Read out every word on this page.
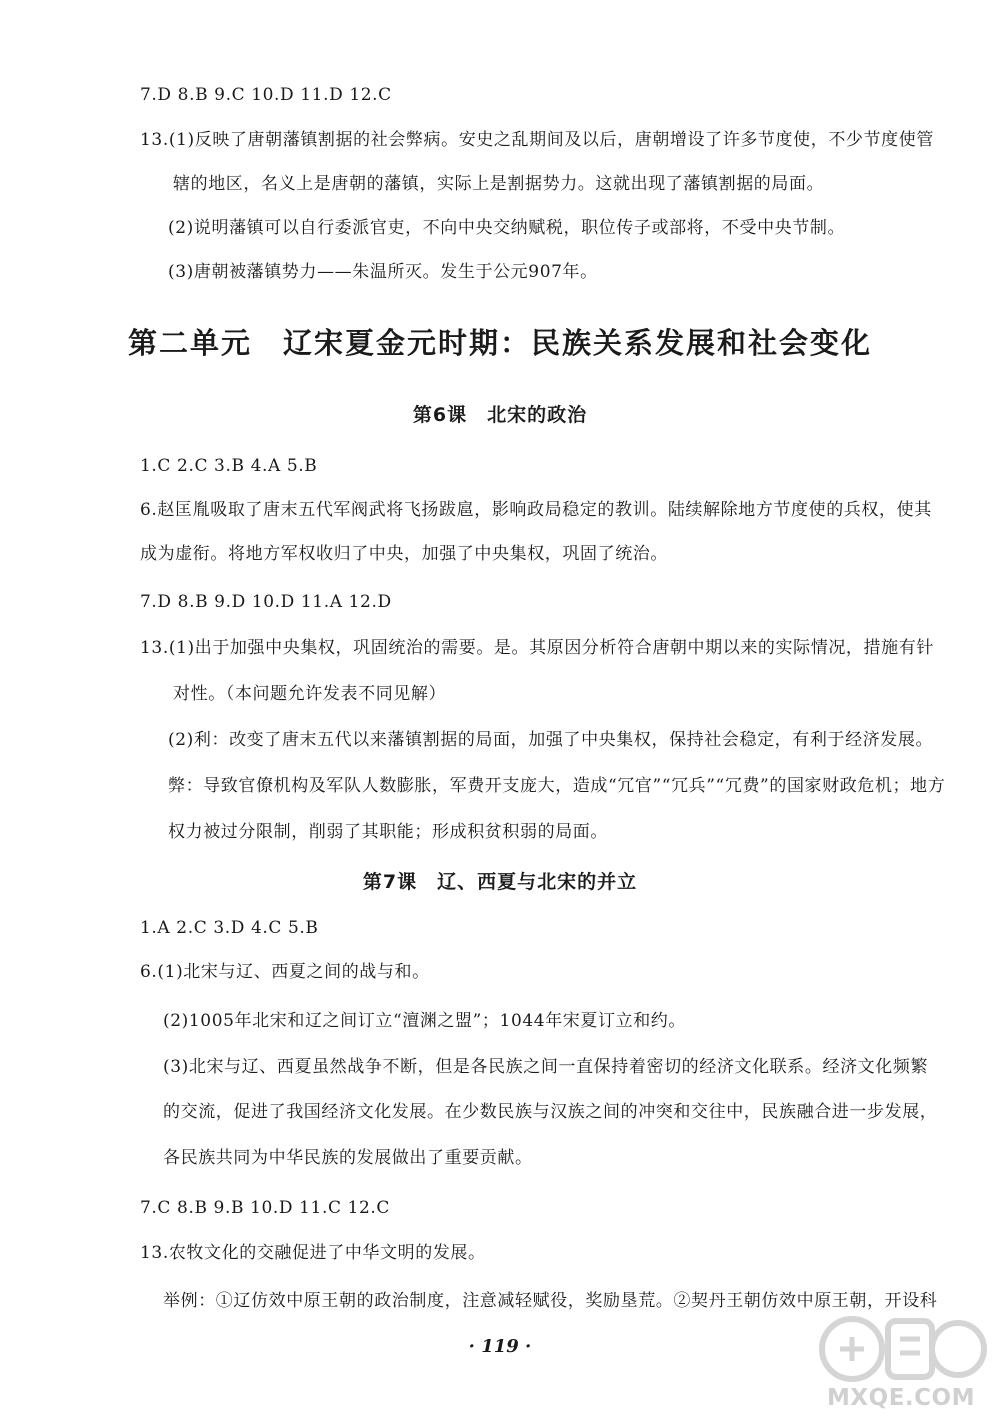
7.D 8.B 9.C 10.D 11.D 12.C
13.(1)反映了唐朝藩镇割据的社会弊病。安史之乱期间及以后，唐朝增设了许多节度使，不少节度使管
辖的地区，名义上是唐朝的藩镇，实际上是割据势力。这就出现了藩镇割据的局面。
(2)说明藩镇可以自行委派官吏，不向中央交纳赋税，职位传子或部将，不受中央节制。
(3)唐朝被藩镇势力——朱温所灭。发生于公元907年。
第二单元　辽宋夏金元时期：民族关系发展和社会变化
第6课　北宋的政治
1.C 2.C 3.B 4.A 5.B
6.赵匡胤吸取了唐末五代军阀武将飞扬跋扈，影响政局稳定的教训。陆续解除地方节度使的兵权，使其
成为虚衔。将地方军权收归了中央，加强了中央集权，巩固了统治。
7.D 8.B 9.D 10.D 11.A 12.D
13.(1)出于加强中央集权，巩固统治的需要。是。其原因分析符合唐朝中期以来的实际情况，措施有针
对性。（本问题允许发表不同见解）
(2)利：改变了唐末五代以来藩镇割据的局面，加强了中央集权，保持社会稳定，有利于经济发展。
弊：导致官僚机构及军队人数膨胀，军费开支庞大，造成“冗官”“冗兵”“冗费”的国家财政危机；地方
权力被过分限制，削弱了其职能；形成积贫积弱的局面。
第7课　辽、西夏与北宋的并立
1.A 2.C 3.D 4.C 5.B
6.(1)北宋与辽、西夏之间的战与和。
(2)1005年北宋和辽之间订立“澶渊之盟”；1044年宋夏订立和约。
(3)北宋与辽、西夏虽然战争不断，但是各民族之间一直保持着密切的经济文化联系。经济文化频繁
的交流，促进了我国经济文化发展。在少数民族与汉族之间的冲突和交往中，民族融合进一步发展，
各民族共同为中华民族的发展做出了重要贡献。
7.C 8.B 9.B 10.D 11.C 12.C
13.农牧文化的交融促进了中华文明的发展。
举例：①辽仿效中原王朝的政治制度，注意减轻赋役，奖励垦荒。②契丹王朝仿效中原王朝，开设科
· 119 ·
MXQE.COM
